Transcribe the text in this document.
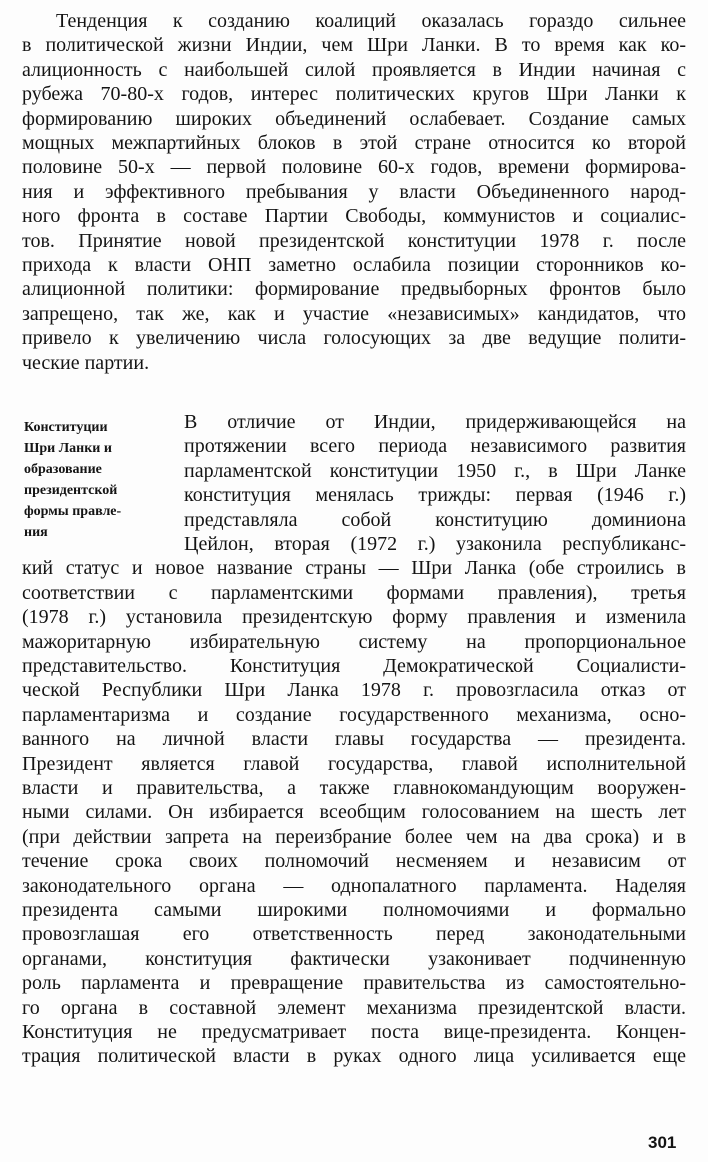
Тенденция к созданию коалиций оказалась гораздо сильнее
в политической жизни Индии, чем Шри Ланки. В то время как ко-
алиционность с наибольшей силой проявляется в Индии начиная с
рубежа 70-80-х годов, интерес политических кругов Шри Ланки к
формированию широких объединений ослабевает. Создание самых
мощных межпартийных блоков в этой стране относится ко второй
половине 50-х — первой половине 60-х годов, времени формирова-
ния и эффективного пребывания у власти Объединенного народ-
ного фронта в составе Партии Свободы, коммунистов и социалис-
тов. Принятие новой президентской конституции 1978 г. после
прихода к власти ОНП заметно ослабила позиции сторонников ко-
алиционной политики: формирование предвыборных фронтов было
запрещено, так же, как и участие «независимых» кандидатов, что
привело к увеличению числа голосующих за две ведущие полити-
ческие партии.
Конституции
Шри Ланки и
образование
президентской
формы правле-
ния
В отличие от Индии, придерживающейся на
протяжении всего периода независимого развития
парламентской конституции 1950 г., в Шри Ланке
конституция менялась трижды: первая (1946 г.)
представляла собой конституцию доминиона
Цейлон, вторая (1972 г.) узаконила республиканс-
кий статус и новое название страны — Шри Ланка (обе строились в
соответствии с парламентскими формами правления), третья
(1978 г.) установила президентскую форму правления и изменила
мажоритарную избирательную систему на пропорциональное
представительство. Конституция Демократической Социалисти-
ческой Республики Шри Ланка 1978 г. провозгласила отказ от
парламентаризма и создание государственного механизма, осно-
ванного на личной власти главы государства — президента.
Президент является главой государства, главой исполнительной
власти и правительства, а также главнокомандующим вооружен-
ными силами. Он избирается всеобщим голосованием на шесть лет
(при действии запрета на переизбрание более чем на два срока) и в
течение срока своих полномочий несменяем и независим от
законодательного органа — однопалатного парламента. Наделяя
президента самыми широкими полномочиями и формально
провозглашая его ответственность перед законодательными
органами, конституция фактически узаконивает подчиненную
роль парламента и превращение правительства из самостоятельно-
го органа в составной элемент механизма президентской власти.
Конституция не предусматривает поста вице-президента. Концен-
трация политической власти в руках одного лица усиливается еще
301
